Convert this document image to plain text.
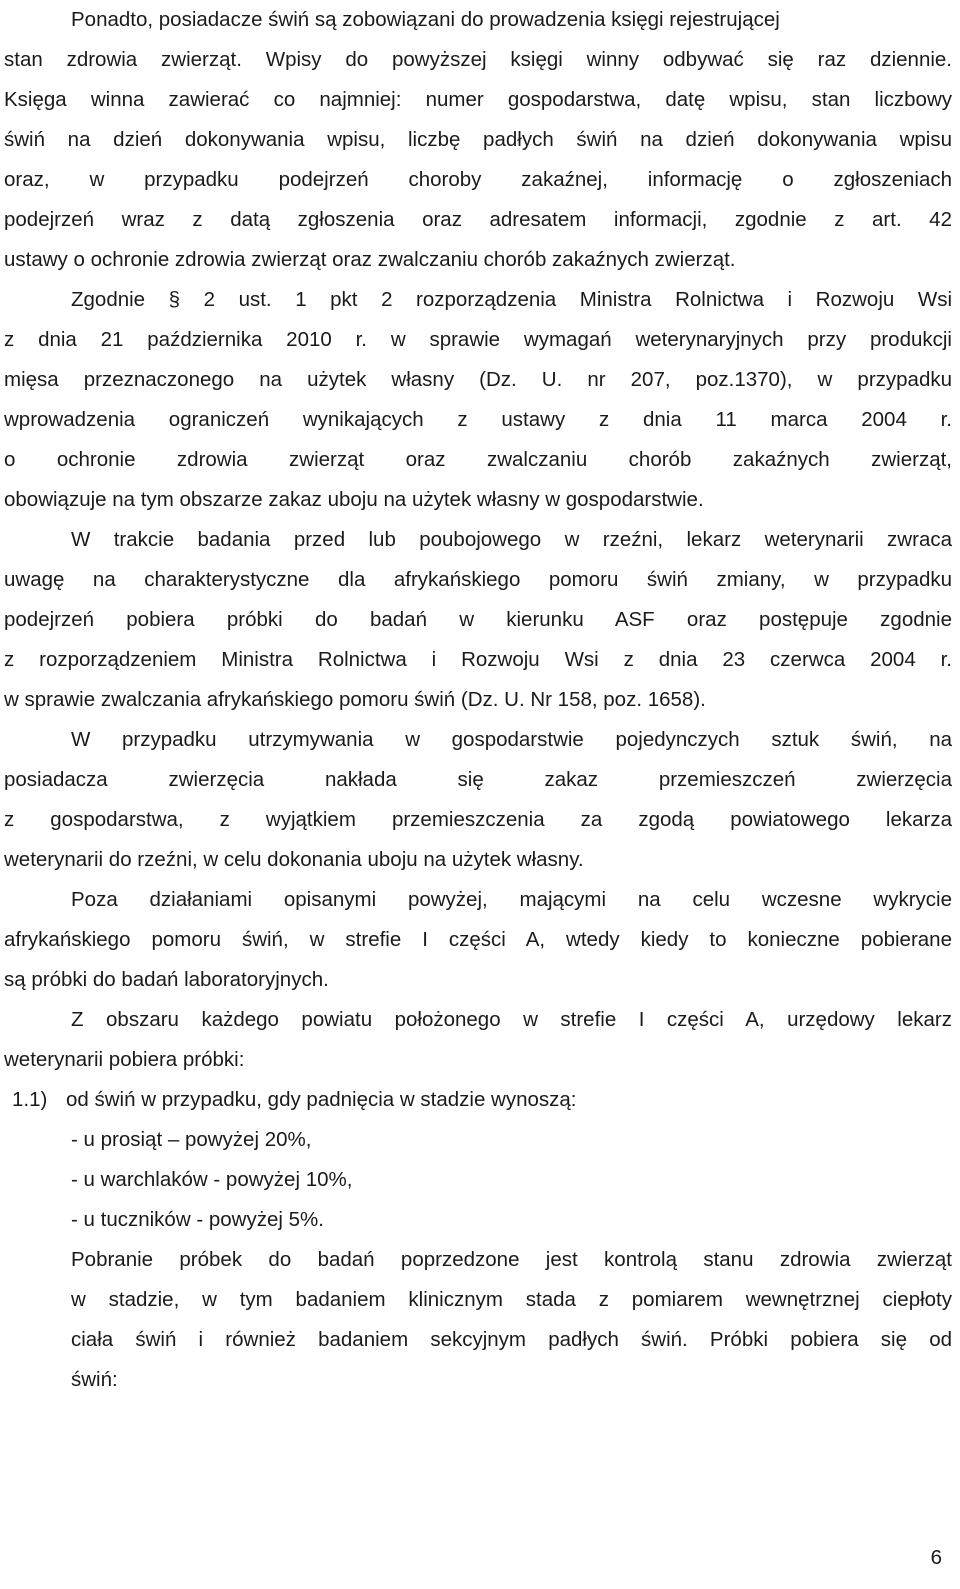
Ponadto, posiadacze świń są zobowiązani do prowadzenia księgi rejestrującej
stan zdrowia zwierząt. Wpisy do powyższej księgi winny odbywać się raz dziennie.
Księga winna zawierać co najmniej: numer gospodarstwa, datę wpisu, stan liczbowy
świń na dzień dokonywania wpisu, liczbę padłych świń na dzień dokonywania wpisu
oraz, w przypadku podejrzeń choroby zakaźnej, informację o zgłoszeniach
podejrzeń wraz z datą zgłoszenia oraz adresatem informacji, zgodnie z art. 42
ustawy o ochronie zdrowia zwierząt oraz zwalczaniu chorób zakaźnych zwierząt.
Zgodnie § 2 ust. 1 pkt 2 rozporządzenia Ministra Rolnictwa i Rozwoju Wsi
z dnia 21 października 2010 r. w sprawie wymagań weterynaryjnych przy produkcji
mięsa przeznaczonego na użytek własny (Dz. U. nr 207, poz.1370), w przypadku
wprowadzenia ograniczeń wynikających z ustawy z dnia 11 marca 2004 r.
o ochronie zdrowia zwierząt oraz zwalczaniu chorób zakaźnych zwierząt,
obowiązuje na tym obszarze zakaz uboju na użytek własny w gospodarstwie.
W trakcie badania przed lub poubojowego w rzeźni, lekarz weterynarii zwraca
uwagę na charakterystyczne dla afrykańskiego pomoru świń zmiany, w przypadku
podejrzeń pobiera próbki do badań w kierunku ASF oraz postępuje zgodnie
z rozporządzeniem Ministra Rolnictwa i Rozwoju Wsi z dnia 23 czerwca 2004 r.
w sprawie zwalczania afrykańskiego pomoru świń (Dz. U. Nr 158, poz. 1658).
W przypadku utrzymywania w gospodarstwie pojedynczych sztuk świń, na
posiadacza zwierzęcia nakłada się zakaz przemieszczeń zwierzęcia
z gospodarstwa, z wyjątkiem przemieszczenia za zgodą powiatowego lekarza
weterynarii do rzeźni, w celu dokonania uboju na użytek własny.
Poza działaniami opisanymi powyżej, mającymi na celu wczesne wykrycie
afrykańskiego pomoru świń, w strefie I części A, wtedy kiedy to konieczne pobierane
są próbki do badań laboratoryjnych.
Z obszaru każdego powiatu położonego w strefie I części A, urzędowy lekarz
weterynarii pobiera próbki:
1.1) od świń w przypadku, gdy padnięcia w stadzie wynoszą:
- u prosiąt – powyżej 20%,
- u warchlaków - powyżej 10%,
- u tuczników - powyżej 5%.
Pobranie próbek do badań poprzedzone jest kontrolą stanu zdrowia zwierząt
w stadzie, w tym badaniem klinicznym stada z pomiarem wewnętrznej ciepłoty
ciała świń i również badaniem sekcyjnym padłych świń. Próbki pobiera się od
świń:
6
